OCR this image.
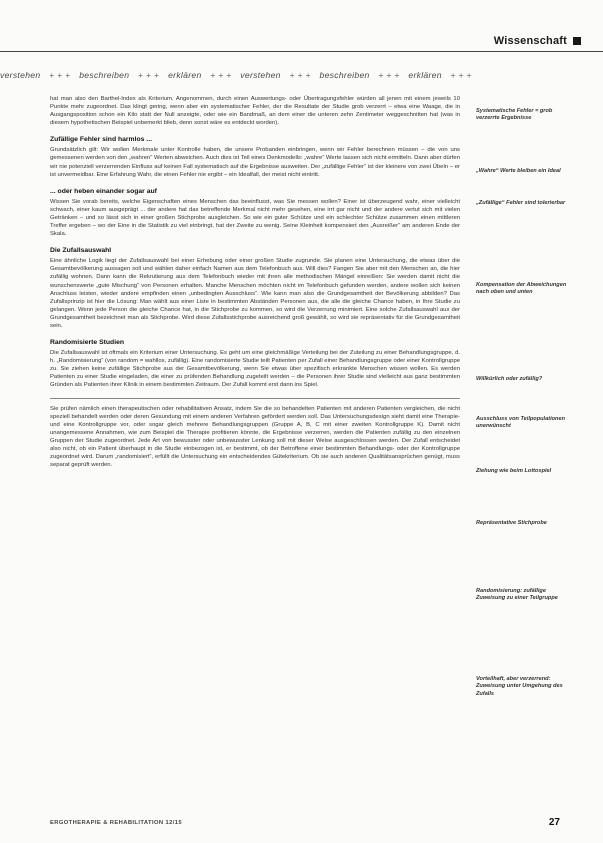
Wissenschaft
verstehen + + + beschreiben + + + erklären + + + verstehen + + + beschreiben + + + erklären + + +

hat man also den Barthel-Index als Kriterium. Angenommen, durch einen Auswertungs- oder Übertragungsfehler würden all jenen mit einem jeweils 10 Punkte mehr zugeordnet. Das klingt gering, wenn aber ein systematischer Fehler, der die Resultate der Studie grob verzerrt – etwa eine Waage, die in Ausgangsposition schon ein Kilo statt der Null anzeigte, oder wie ein Bandmaß, an dem einer die unteren zehn Zentimeter weggeschnitten hat (was in diesem hypothetischen Beispiel unbemerkt blieb, denn sonst wäre es entdeckt worden).

Zufällige Fehler sind harmlos ...

Grundsätzlich gilt: Wir wollen Merkmale unter Kontrolle haben, die unsere Probanden einbringen, wenn wir Fehler berechnen müssen – die von uns gemessenen werden von den „wahren“ Werten abweichen. Auch dies ist Teil eines Denkmodells: „wahre“ Werte lassen sich nicht ermitteln. Dann aber dürfen wir nie potenziell verzerrenden Einfluss auf keinen Fall systematisch auf die Ergebnisse ausweiten. Der „zufällige Fehler“ ist der kleinere von zwei Übeln – er ist unvermeidbar. Eine Erfahrung Wahr, die einen Fehler nie ergibt – ein Idealfall, der meist nicht eintritt.

... oder heben einander sogar auf

Wissen Sie vorab bereits, welche Eigenschaften eines Menschen das beeinflusst, was Sie messen wollen? Einer ist überzeugend wahr, einer vielleicht schwach, einer kaum ausgeprägt ... der andere hat das betreffende Merkmal nicht mehr gesehen, eine irrt gar nicht und der andere vertut sich mit vielen Getränken – und so lässt sich in einer großen Stichprobe ausgleichen. So wie ein guter Schütze und ein schlechter Schütze zusammen einen mittleren Treffer ergeben – wo der Eine in die Statistik zu viel einbringt, hat der Zweite zu wenig. Seine Kleinheit kompensiert den „Ausreißer“ am anderen Ende der Skala.

Die Zufallsauswahl

Eine ähnliche Logik liegt der Zufallsauswahl bei einer Erhebung oder einer großen Studie zugrunde. Sie planen eine Untersuchung, die etwas über die Gesamtbevölkerung aussagen soll und wählen daher einfach Namen aus dem Telefonbuch aus. Will dies? Fangen Sie aber mit den Menschen an, die hier zufällig wohnen. Dann kann die Rekrutierung aus dem Telefonbuch wieder mit ihren alle methodischen Mängel einreißen: Sie werden damit nicht die wunschenswerte „gute Mischung“ von Personen erhalten. Manche Menschen möchten nicht im Telefonbuch gefunden werden, andere wollen sich keinen Anschluss leisten, wieder andere empfinden einen „unbedingten Ausschluss“. Wie kann man also die Grundgesamtheit der Bevölkerung abbilden? Das Zufallsprinzip ist hier die Lösung: Man wählt aus einer Liste in bestimmten Abständen Personen aus, die alle die gleiche Chance haben, in Ihre Studie zu gelangen. Wenn jede Person die gleiche Chance hat, in die Stichprobe zu kommen, so wird die Verzerrung minimiert. Eine solche Zufallsauswahl aus der Grundgesamtheit bezeichnet man als Stichprobe. Wird diese Zufallsstichprobe ausreichend groß gewählt, so wird sie repräsentativ für die Grundgesamtheit sein.

Randomisierte Studien

Die Zufallsauswahl ist oftmals ein Kriterium einer Untersuchung. Es geht um eine gleichmäßige Verteilung bei der Zuteilung zu einer Behandlungsgruppe, d. h. „Randomisierung“ (von random = wahllos, zufällig). Eine randomisierte Studie teilt Patienten per Zufall einer Behandlungsgruppe oder einer Kontrollgruppe zu. Sie ziehen keine zufällige Stichprobe aus der Gesamtbevölkerung, wenn Sie etwas über spezifisch erkrankte Menschen wissen wollen. Es werden Patienten zu einer Studie eingeladen, die einer zu prüfenden Behandlung zugeteilt werden – die Personen ihrer Studie sind vielleicht aus ganz bestimmten Gründen als Patienten ihrer Klinik in einem bestimmten Zeitraum. Der Zufall kommt erst dann ins Spiel.

Sie prüfen nämlich einen therapeutischen oder rehabilitativen Ansatz, indem Sie die so behandelten Patienten mit anderen Patienten vergleichen, die nicht speziell behandelt werden oder deren Gesundung mit einem anderen Verfahren gefördert werden soll. Das Untersuchungsdesign sieht damit eine Therapie- und eine Kontrollgruppe vor, oder sogar gleich mehrere Behandlungsgruppen (Gruppe A, B, C mit einer zweiten Kontrollgruppe K). Damit nicht unangemessene Annahmen, wie zum Beispiel die Therapie profitieren könnte, die Ergebnisse verzerren, werden die Patienten zufällig zu den einzelnen Gruppen der Studie zugeordnet. Jede Art von bewusster oder unbewusster Lenkung soll mit dieser Weise ausgeschlossen werden. Der Zufall entscheidet also nicht, ob ein Patient überhaupt in die Studie einbezogen ist, er bestimmt, ob der Betroffene einer bestimmten Behandlungs- oder der Kontrollgruppe zugeordnet wird. Darum „randomisiert“, erfüllt die Untersuchung ein entscheidendes Gütekriterium. Ob sie auch anderen Qualitätsansprüchen genügt, muss separat geprüft werden.

Systematische Fehler = grob verzerrte Ergebnisse
„Wahre“ Werte bleiben ein Ideal
„Zufällige“ Fehler sind tolerierbar
Kompensation der Abweichungen nach oben und unten
Willkürlich oder zufällig?
Ausschluss von Teilpopulationen unerwünscht
Ziehung wie beim Lottospiel
Repräsentative Stichprobe
Randomisierung: zufällige Zuweisung zu einer Teilgruppe
Vorteilhaft, aber verzerrend: Zuweisung unter Umgehung des Zufalls
ERGOTHERAPIE & REHABILITATION 12/15	27
